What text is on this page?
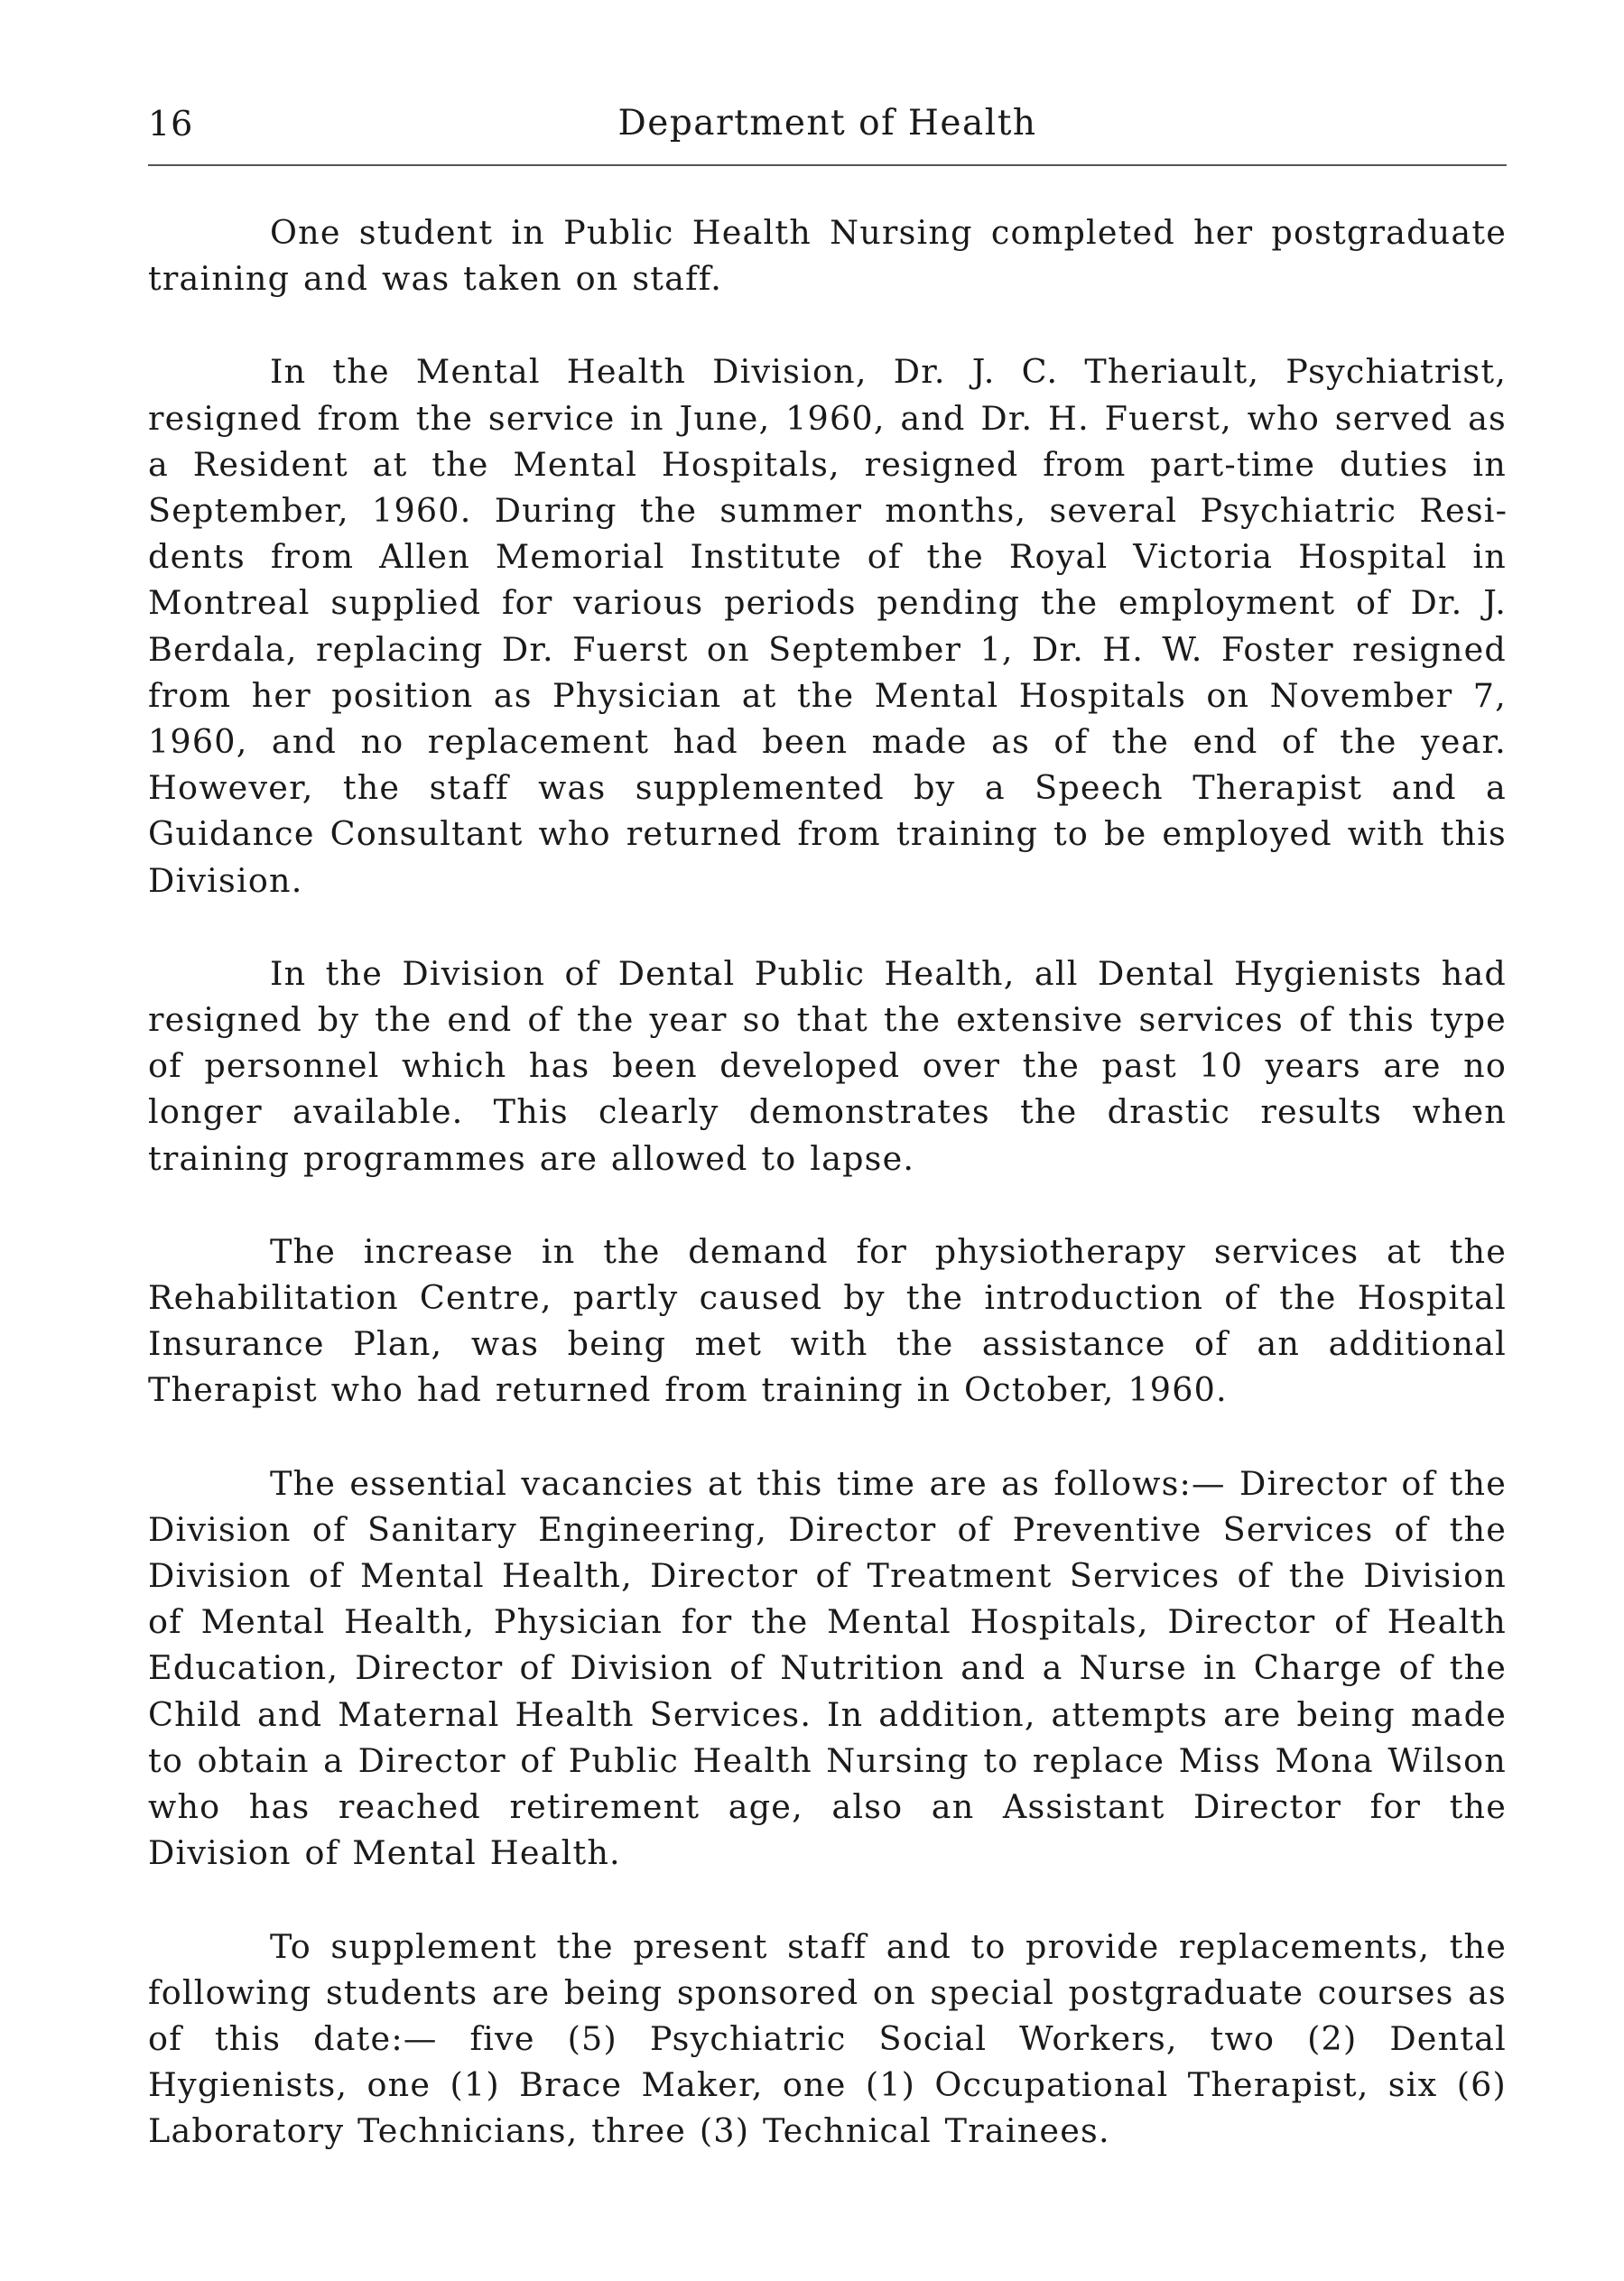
16	Department of Health

One student in Public Health Nursing completed her postgraduate training and was taken on staff.

In the Mental Health Division, Dr. J. C. Theriault, Psychiatrist, resigned from the service in June, 1960, and Dr. H. Fuerst, who served as a Resident at the Mental Hospitals, resigned from part-time duties in September, 1960. During the summer months, several Psychiatric Residents from Allen Memorial Institute of the Royal Victoria Hospital in Montreal supplied for various periods pending the employment of Dr. J. Berdala, replacing Dr. Fuerst on September 1, Dr. H. W. Foster resigned from her position as Physician at the Mental Hospitals on November 7, 1960, and no replacement had been made as of the end of the year. However, the staff was supplemented by a Speech Therapist and a Guidance Consultant who returned from training to be employed with this Division.

In the Division of Dental Public Health, all Dental Hygienists had resigned by the end of the year so that the extensive services of this type of personnel which has been developed over the past 10 years are no longer available. This clearly demonstrates the drastic results when training programmes are allowed to lapse.

The increase in the demand for physiotherapy services at the Rehabilitation Centre, partly caused by the introduction of the Hospital Insurance Plan, was being met with the assistance of an additional Therapist who had returned from training in October, 1960.

The essential vacancies at this time are as follows:— Director of the Division of Sanitary Engineering, Director of Preventive Services of the Division of Mental Health, Director of Treatment Services of the Division of Mental Health, Physician for the Mental Hospitals, Director of Health Education, Director of Division of Nutrition and a Nurse in Charge of the Child and Maternal Health Services. In addition, attempts are being made to obtain a Director of Public Health Nursing to replace Miss Mona Wilson who has reached retirement age, also an Assistant Director for the Division of Mental Health.

To supplement the present staff and to provide replacements, the following students are being sponsored on special postgraduate courses as of this date:— five (5) Psychiatric Social Workers, two (2) Dental Hygienists, one (1) Brace Maker, one (1) Occupational Therapist, six (6) Laboratory Technicians, three (3) Technical Trainees.
